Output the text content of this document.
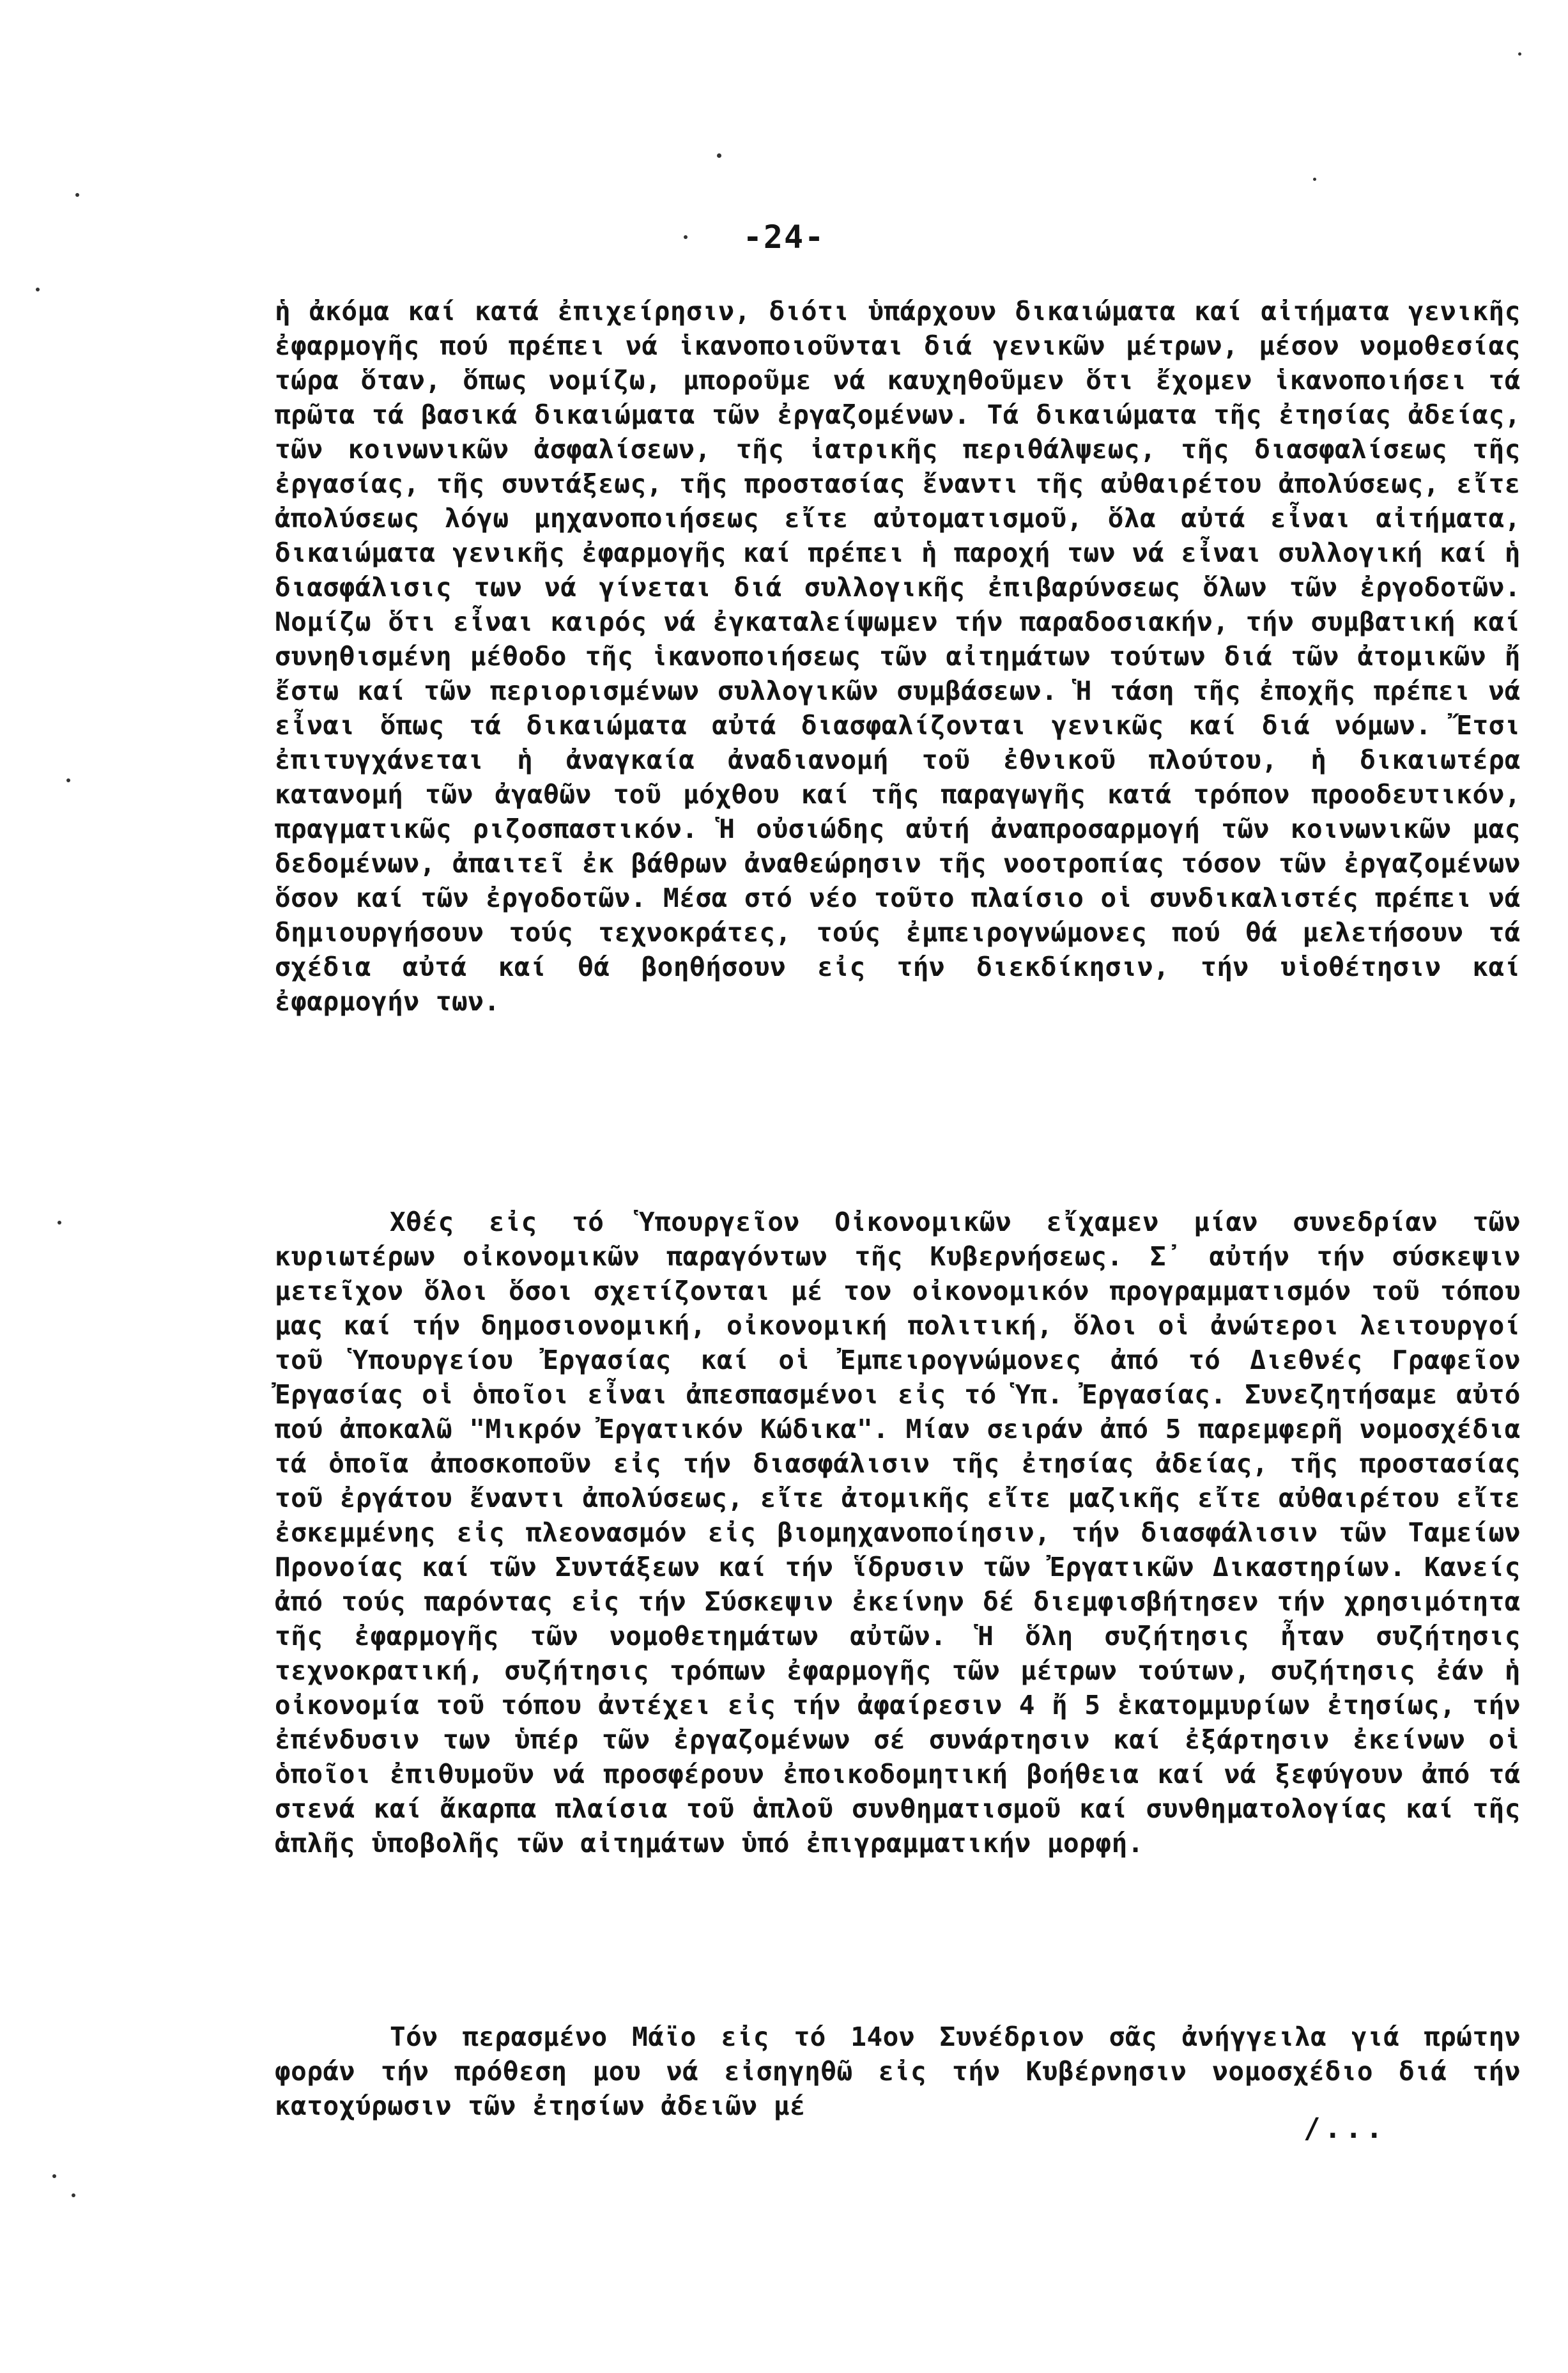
-24-

ἡ ἀκόμα καί κατά ἐπιχείρησιν, διότι ὑπάρχουν δικαιώματα καί αἰτήματα γενικῆς ἐφαρμογῆς πού πρέπει νά ἱκανοποιοῦνται διά γενικῶν μέτρων, μέσον νομοθεσίας τώρα ὅταν, ὅπως νομίζω, μποροῦμε νά καυχηθοῦμεν ὅτι ἔχομεν ἱκανοποιήσει τά πρῶτα τά βασικά δικαιώματα τῶν ἐργαζομένων. Τά δικαιώματα τῆς ἐτησίας ἀδείας, τῶν κοινωνικῶν ἀσφαλίσεων, τῆς ἰατρικῆς περιθάλψεως, τῆς διασφαλίσεως τῆς ἐργασίας, τῆς συντάξεως, τῆς προστασίας ἔναντι τῆς αὐθαιρέτου ἀπολύσεως, εἴτε ἀπολύσεως λόγω μηχανοποιήσεως εἴτε αὐτοματισμοῦ, ὅλα αὐτά εἶναι αἰτήματα, δικαιώματα γενικῆς ἐφαρμογῆς καί πρέπει ἡ παροχή των νά εἶναι συλλογική καί ἡ διασφάλισις των νά γίνεται διά συλλογικῆς ἐπιβαρύνσεως ὅλων τῶν ἐργοδοτῶν. Νομίζω ὅτι εἶναι καιρός νά ἐγκαταλείψωμεν τήν παραδοσιακήν, τήν συμβατική καί συνηθισμένη μέθοδο τῆς ἱκανοποιήσεως τῶν αἰτημάτων τούτων διά τῶν ἀτομικῶν ἤ ἔστω καί τῶν περιορισμένων συλλογικῶν συμβάσεων. Ἡ τάση τῆς ἐποχῆς πρέπει νά εἶναι ὅπως τά δικαιώματα αὐτά διασφαλίζονται γενικῶς καί διά νόμων. Ἔτσι ἐπιτυγχάνεται ἡ ἀναγκαία ἀναδιανομή τοῦ ἐθνικοῦ πλούτου, ἡ δικαιωτέρα κατανομή τῶν ἀγαθῶν τοῦ μόχθου καί τῆς παραγωγῆς κατά τρόπον προοδευτικόν, πραγματικῶς ριζοσπαστικόν. Ἡ οὐσιώδης αὐτή ἀναπροσαρμογή τῶν κοινωνικῶν μας δεδομένων, ἀπαιτεῖ ἐκ βάθρων ἀναθεώρησιν τῆς νοοτροπίας τόσον τῶν ἐργαζομένων ὅσον καί τῶν ἐργοδοτῶν. Μέσα στό νέο τοῦτο πλαίσιο οἱ συνδικαλιστές πρέπει νά δημιουργήσουν τούς τεχνοκράτες, τούς ἐμπειρογνώμονες πού θά μελετήσουν τά σχέδια αὐτά καί θά βοηθήσουν εἰς τήν διεκδίκησιν, τήν υἱοθέτησιν καί ἐφαρμογήν των.

Χθές εἰς τό Ὑπουργεῖον Οἰκονομικῶν εἴχαμεν μίαν συνεδρίαν τῶν κυριωτέρων οἰκονομικῶν παραγόντων τῆς Κυβερνήσεως. Σ᾽ αὐτήν τήν σύσκεψιν μετεῖχον ὅλοι ὅσοι σχετίζονται μέ τον οἰκονομικόν προγραμματισμόν τοῦ τόπου μας καί τήν δημοσιονομική, οἰκονομική πολιτική, ὅλοι οἱ ἀνώτεροι λειτουργοί τοῦ Ὑπουργείου Ἐργασίας καί οἱ Ἐμπειρογνώμονες ἀπό τό Διεθνές Γραφεῖον Ἐργασίας οἱ ὁποῖοι εἶναι ἀπεσπασμένοι εἰς τό Ὑπ. Ἐργασίας. Συνεζητήσαμε αὐτό πού ἀποκαλῶ "Μικρόν Ἐργατικόν Κώδικα". Μίαν σειράν ἀπό 5 παρεμφερῆ νομοσχέδια τά ὁποῖα ἀποσκοποῦν εἰς τήν διασφάλισιν τῆς ἐτησίας ἀδείας, τῆς προστασίας τοῦ ἐργάτου ἔναντι ἀπολύσεως, εἴτε ἀτομικῆς εἴτε μαζικῆς εἴτε αὐθαιρέτου εἴτε ἐσκεμμένης εἰς πλεονασμόν εἰς βιομηχανοποίησιν, τήν διασφάλισιν τῶν Ταμείων Προνοίας καί τῶν Συντάξεων καί τήν ἵδρυσιν τῶν Ἐργατικῶν Δικαστηρίων. Κανείς ἀπό τούς παρόντας εἰς τήν Σύσκεψιν ἐκείνην δέ διεμφισβήτησεν τήν χρησιμότητα τῆς ἐφαρμογῆς τῶν νομοθετημάτων αὐτῶν. Ἡ ὅλη συζήτησις ἦταν συζήτησις τεχνοκρατική, συζήτησις τρόπων ἐφαρμογῆς τῶν μέτρων τούτων, συζήτησις ἐάν ἡ οἰκονομία τοῦ τόπου ἀντέχει εἰς τήν ἀφαίρεσιν 4 ἤ 5 ἑκατομμυρίων ἐτησίως, τήν ἐπένδυσιν των ὑπέρ τῶν ἐργαζομένων σέ συνάρτησιν καί ἐξάρτησιν ἐκείνων οἱ ὁποῖοι ἐπιθυμοῦν νά προσφέρουν ἐποικοδομητική βοήθεια καί νά ξεφύγουν ἀπό τά στενά καί ἄκαρπα πλαίσια τοῦ ἁπλοῦ συνθηματισμοῦ καί συνθηματολογίας καί τῆς ἁπλῆς ὑποβολῆς τῶν αἰτημάτων ὑπό ἐπιγραμματικήν μορφή.

Τόν περασμένο Μάϊο εἰς τό 14ον Συνέδριον σᾶς ἀνήγγειλα γιά πρώτην φοράν τήν πρόθεση μου νά εἰσηγηθῶ εἰς τήν Κυβέρνησιν νομοσχέδιο διά τήν κατοχύρωσιν τῶν ἐτησίων ἀδειῶν μέ

/...
